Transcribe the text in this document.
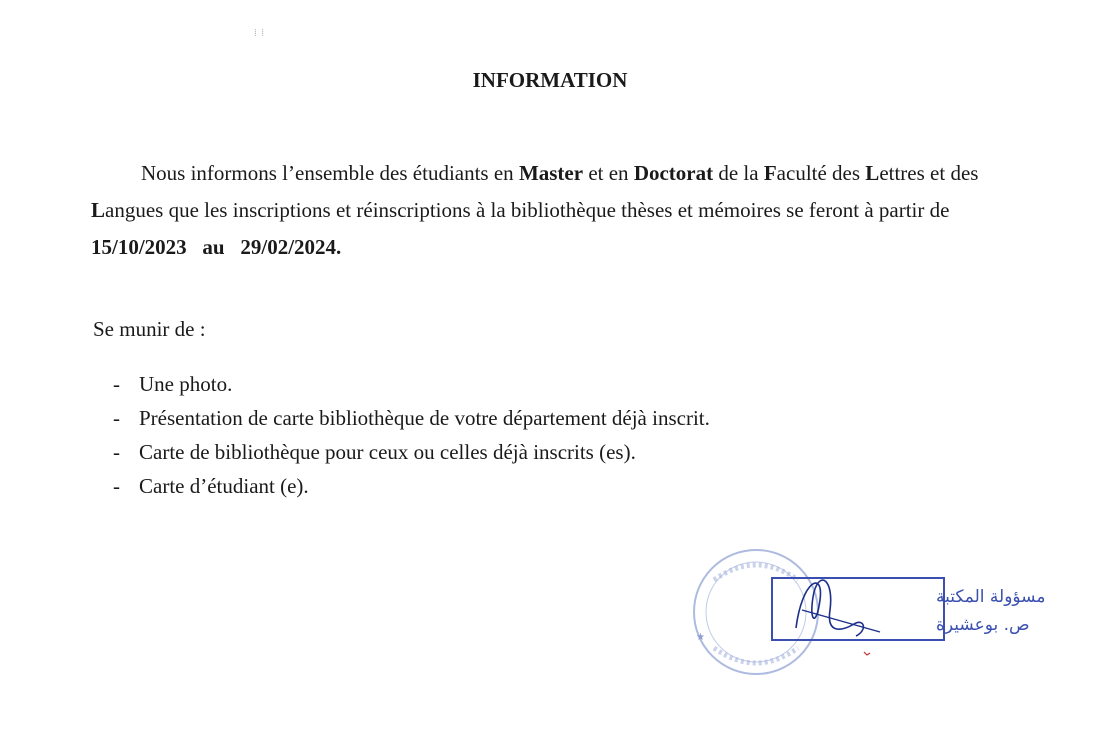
⁞ ⁞
INFORMATION

Nous informons l’ensemble des étudiants en Master et en Doctorat de la Faculté des Lettres et des Langues que les inscriptions et réinscriptions à la bibliothèque thèses et mémoires se feront à partir de 15/10/2023 au 29/02/2024.

Se munir de :

- Une photo.
- Présentation de carte bibliothèque de votre département déjà inscrit.
- Carte de bibliothèque pour ceux ou celles déjà inscrits (es).
- Carte d’étudiant (e).
★
مسؤولة المكتبة
ص. بوعشيرة
